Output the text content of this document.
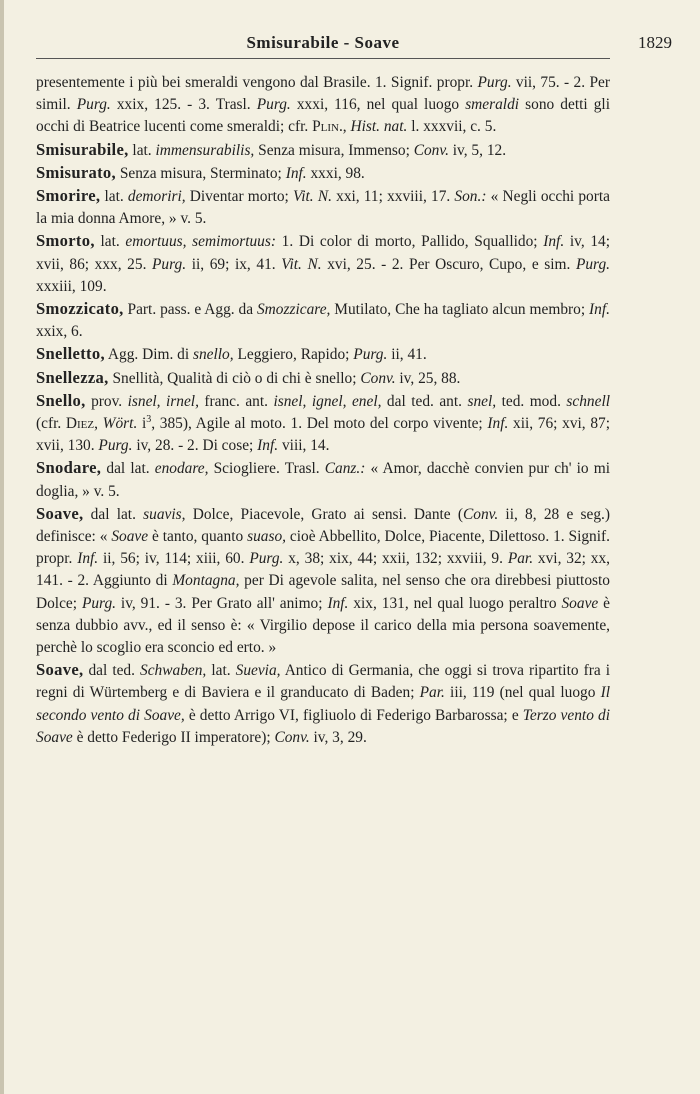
Smisurabile - Soave	1829

presentemente i più bei smeraldi vengono dal Brasile. 1. Signif. propr. Purg. vii, 75. - 2. Per simil. Purg. xxix, 125. - 3. Trasl. Purg. xxxi, 116, nel qual luogo smeraldi sono detti gli occhi di Beatrice lucenti come smeraldi; cfr. Plin., Hist. nat. l. xxxvii, c. 5.

Smisurabile, lat. immensurabilis, Senza misura, Immenso; Conv. iv, 5, 12.

Smisurato, Senza misura, Sterminato; Inf. xxxi, 98.

Smorire, lat. demoriri, Diventar morto; Vit. N. xxi, 11; xxviii, 17. Son.: « Negli occhi porta la mia donna Amore, » v. 5.

Smorto, lat. emortuus, semimortuus: 1. Di color di morto, Pallido, Squallido; Inf. iv, 14; xvii, 86; xxx, 25. Purg. ii, 69; ix, 41. Vit. N. xvi, 25. - 2. Per Oscuro, Cupo, e sim. Purg. xxxiii, 109.

Smozzicato, Part. pass. e Agg. da Smozzicare, Mutilato, Che ha tagliato alcun membro; Inf. xxix, 6.

Snelletto, Agg. Dim. di snello, Leggiero, Rapido; Purg. ii, 41.

Snellezza, Snellità, Qualità di ciò o di chi è snello; Conv. iv, 25, 88.

Snello, prov. isnel, irnel, franc. ant. isnel, ignel, enel, dal ted. ant. snel, ted. mod. schnell (cfr. Diez, Wört. $i^3$, 385), Agile al moto. 1. Del moto del corpo vivente; Inf. xii, 76; xvi, 87; xvii, 130. Purg. iv, 28. - 2. Di cose; Inf. viii, 14.

Snodare, dal lat. enodare, Sciogliere. Trasl. Canz.: « Amor, dacchè convien pur ch' io mi doglia, » v. 5.

Soave, dal lat. suavis, Dolce, Piacevole, Grato ai sensi. Dante (Conv. ii, 8, 28 e seg.) definisce: « Soave è tanto, quanto suaso, cioè Abbellito, Dolce, Piacente, Dilettoso. 1. Signif. propr. Inf. ii, 56; iv, 114; xiii, 60. Purg. x, 38; xix, 44; xxii, 132; xxviii, 9. Par. xvi, 32; xx, 141. - 2. Aggiunto di Montagna, per Di agevole salita, nel senso che ora direbbesi piuttosto Dolce; Purg. iv, 91. - 3. Per Grato all' animo; Inf. xix, 131, nel qual luogo peraltro Soave è senza dubbio avv., ed il senso è: « Virgilio depose il carico della mia persona soavemente, perchè lo scoglio era sconcio ed erto. »

Soave, dal ted. Schwaben, lat. Suevia, Antico di Germania, che oggi si trova ripartito fra i regni di Würtemberg e di Baviera e il granducato di Baden; Par. iii, 119 (nel qual luogo Il secondo vento di Soave, è detto Arrigo VI, figliuolo di Federigo Barbarossa; e Terzo vento di Soave è detto Federigo II imperatore); Conv. iv, 3, 29.
